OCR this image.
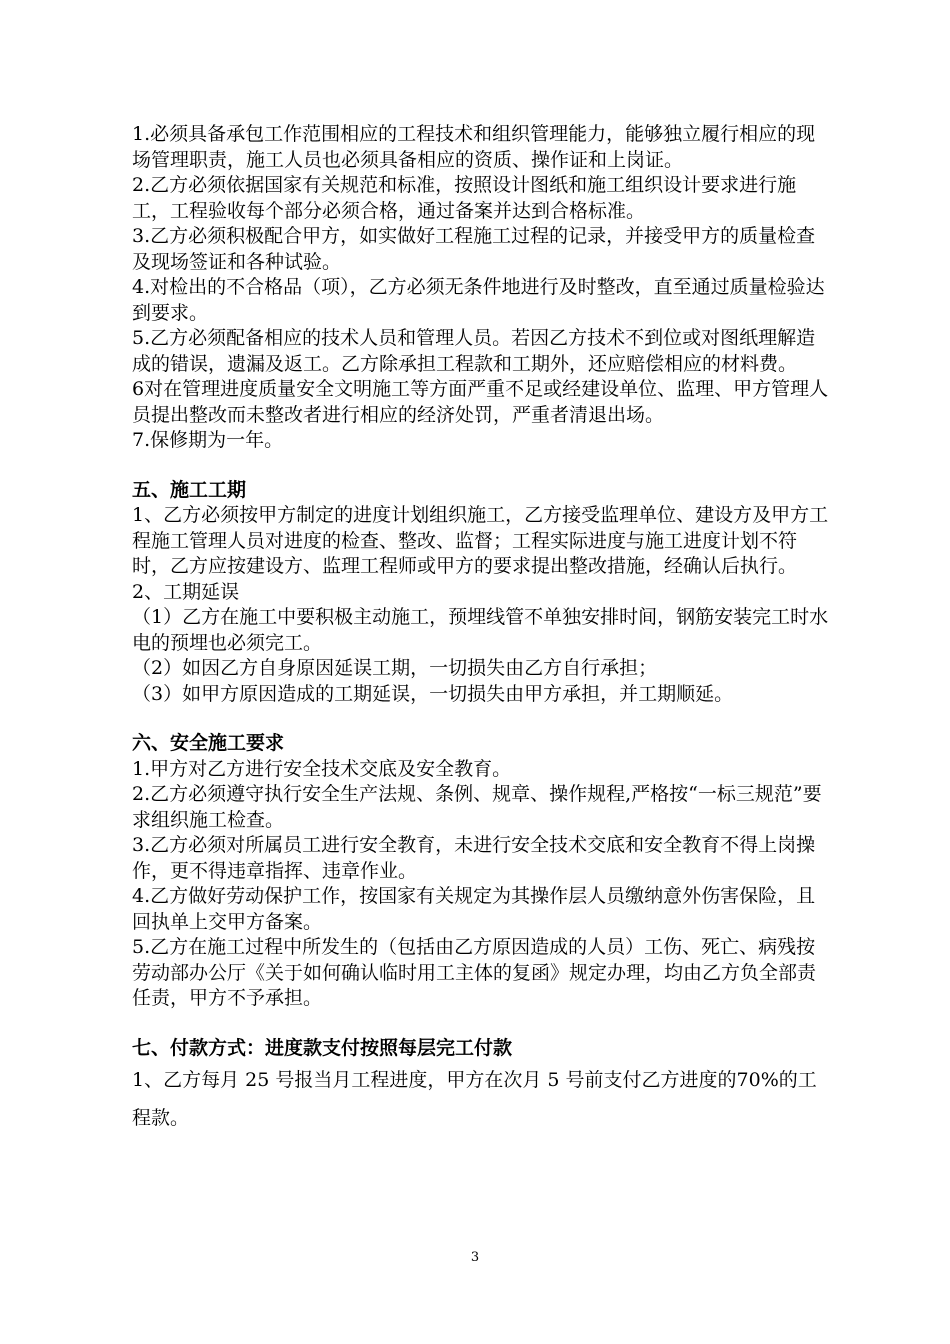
1.必须具备承包工作范围相应的工程技术和组织管理能力，能够独立履行相应的现场管理职责，施工人员也必须具备相应的资质、操作证和上岗证。

2.乙方必须依据国家有关规范和标准，按照设计图纸和施工组织设计要求进行施工，工程验收每个部分必须合格，通过备案并达到合格标准。

3.乙方必须积极配合甲方，如实做好工程施工过程的记录，并接受甲方的质量检查及现场签证和各种试验。

4.对检出的不合格品（项），乙方必须无条件地进行及时整改，直至通过质量检验达到要求。

5.乙方必须配备相应的技术人员和管理人员。若因乙方技术不到位或对图纸理解造成的错误，遗漏及返工。乙方除承担工程款和工期外，还应赔偿相应的材料费。

6对在管理进度质量安全文明施工等方面严重不足或经建设单位、监理、甲方管理人员提出整改而未整改者进行相应的经济处罚，严重者清退出场。

7.保修期为一年。

五、施工工期

1、乙方必须按甲方制定的进度计划组织施工，乙方接受监理单位、建设方及甲方工程施工管理人员对进度的检查、整改、监督；工程实际进度与施工进度计划不符时，乙方应按建设方、监理工程师或甲方的要求提出整改措施，经确认后执行。

2、工期延误

（1）乙方在施工中要积极主动施工，预埋线管不单独安排时间，钢筋安装完工时水电的预埋也必须完工。

（2）如因乙方自身原因延误工期，一切损失由乙方自行承担；

（3）如甲方原因造成的工期延误，一切损失由甲方承担，并工期顺延。

六、安全施工要求

1.甲方对乙方进行安全技术交底及安全教育。

2.乙方必须遵守执行安全生产法规、条例、规章、操作规程,严格按“一标三规范”要求组织施工检查。

3.乙方必须对所属员工进行安全教育，未进行安全技术交底和安全教育不得上岗操作，更不得违章指挥、违章作业。

4.乙方做好劳动保护工作，按国家有关规定为其操作层人员缴纳意外伤害保险，且回执单上交甲方备案。

5.乙方在施工过程中所发生的（包括由乙方原因造成的人员）工伤、死亡、病残按劳动部办公厅《关于如何确认临时用工主体的复函》规定办理，均由乙方负全部责任责，甲方不予承担。

七、付款方式：进度款支付按照每层完工付款

1、乙方每月 25 号报当月工程进度，甲方在次月 5 号前支付乙方进度的70%的工程款。

3
